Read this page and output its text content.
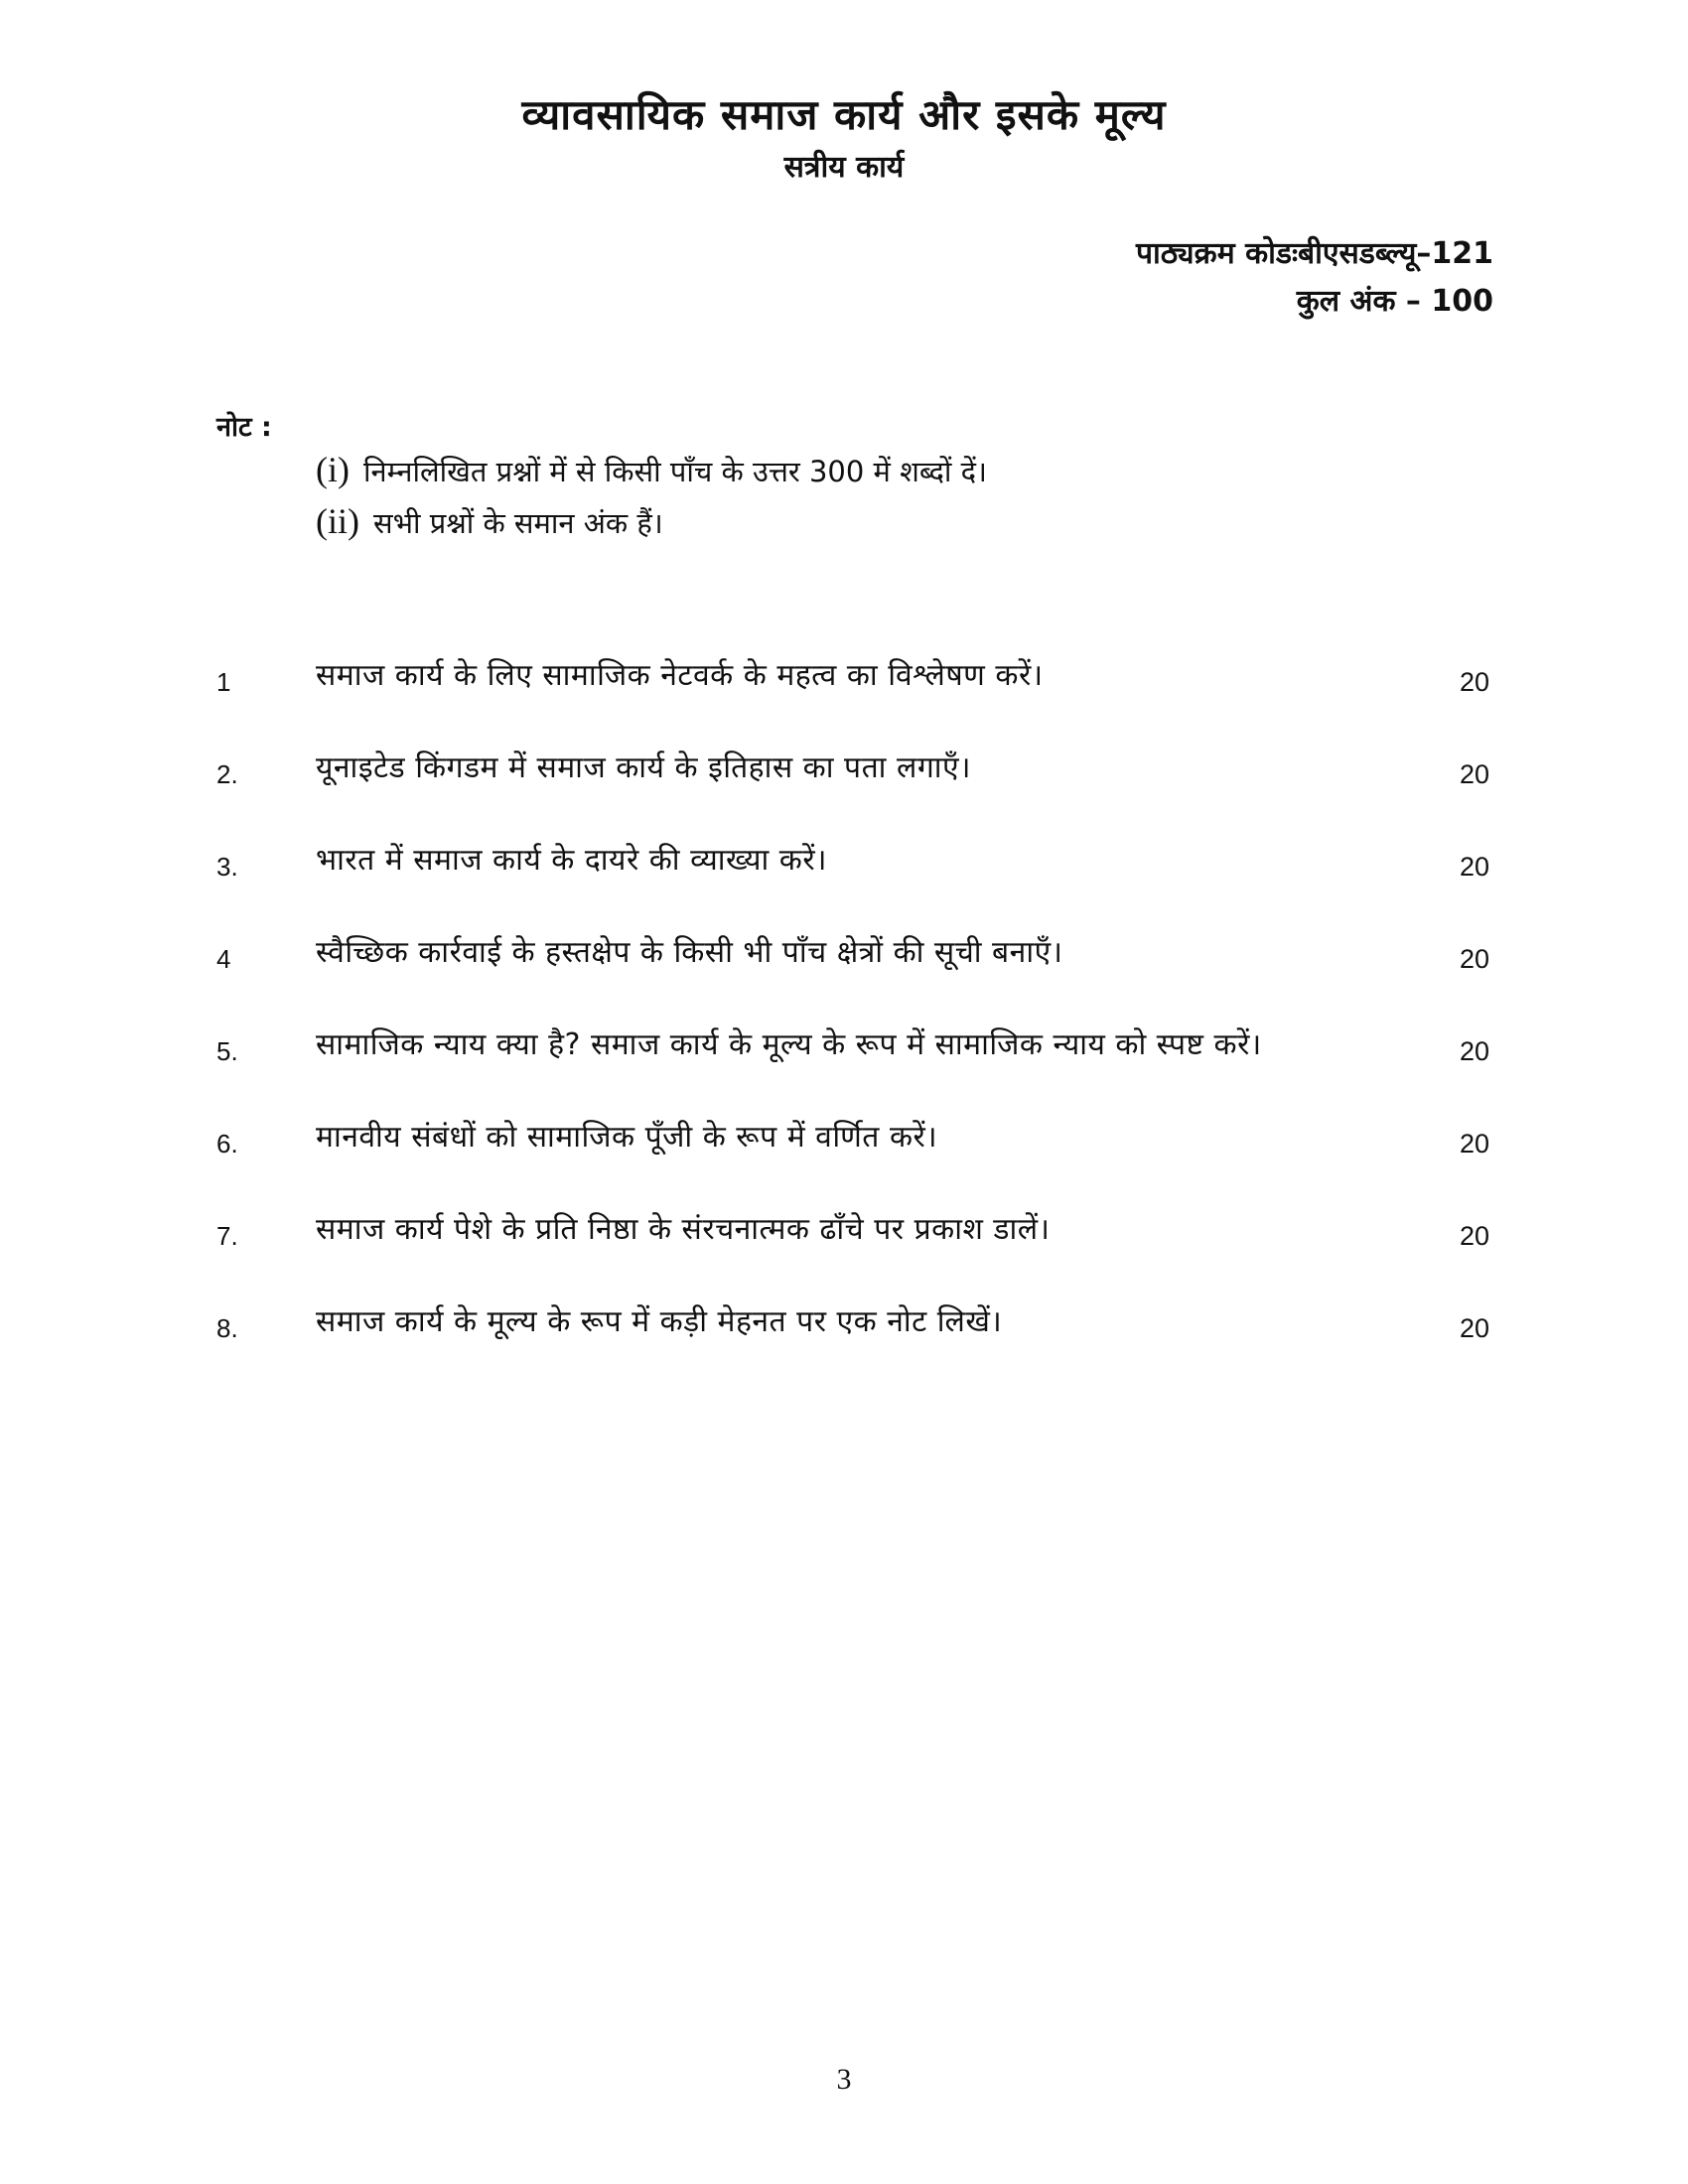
व्यावसायिक समाज कार्य और इसके मूल्य
सत्रीय कार्य
पाठ्यक्रम कोडःबीएसडब्ल्यू–121
कुल अंक – 100
नोट :
(i) निम्नलिखित प्रश्नों में से किसी पाँच के उत्तर 300 में शब्दों दें।
(ii) सभी प्रश्नों के समान अंक हैं।
1	समाज कार्य के लिए सामाजिक नेटवर्क के महत्व का विश्लेषण करें।	20
2.	यूनाइटेड किंगडम में समाज कार्य के इतिहास का पता लगाएँ।	20
3.	भारत में समाज कार्य के दायरे की व्याख्या करें।	20
4	स्वैच्छिक कार्रवाई के हस्तक्षेप के किसी भी पाँच क्षेत्रों की सूची बनाएँ।	20
5.	सामाजिक न्याय क्या है? समाज कार्य के मूल्य के रूप में सामाजिक न्याय को स्पष्ट करें।	20
6.	मानवीय संबंधों को सामाजिक पूँजी के रूप में वर्णित करें।	20
7.	समाज कार्य पेशे के प्रति निष्ठा के संरचनात्मक ढाँचे पर प्रकाश डालें।	20
8.	समाज कार्य के मूल्य के रूप में कड़ी मेहनत पर एक नोट लिखें।	20
3
